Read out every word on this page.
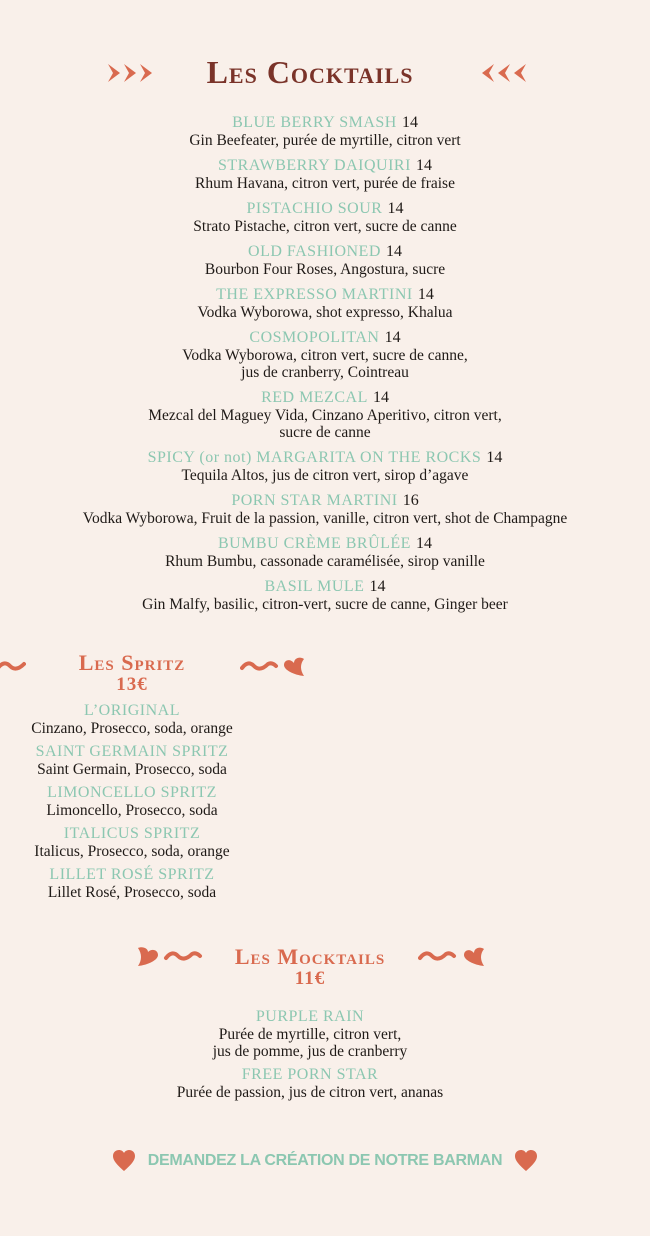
Les Cocktails
BLUE BERRY SMASH 14
Gin Beefeater, purée de myrtille, citron vert
STRAWBERRY DAIQUIRI 14
Rhum Havana, citron vert, purée de fraise
PISTACHIO SOUR 14
Strato Pistache, citron vert, sucre de canne
OLD FASHIONED 14
Bourbon Four Roses, Angostura, sucre
THE EXPRESSO MARTINI 14
Vodka Wyborowa, shot expresso, Khalua
COSMOPOLITAN 14
Vodka Wyborowa, citron vert, sucre de canne,
jus de cranberry, Cointreau
RED MEZCAL 14
Mezcal del Maguey Vida, Cinzano Aperitivo, citron vert,
sucre de canne
SPICY (or not) MARGARITA ON THE ROCKS 14
Tequila Altos, jus de citron vert, sirop d’agave
PORN STAR MARTINI 16
Vodka Wyborowa, Fruit de la passion, vanille, citron vert, shot de Champagne
BUMBU CRÈME BRÛLÉE 14
Rhum Bumbu, cassonade caramélisée, sirop vanille
BASIL MULE 14
Gin Malfy, basilic, citron-vert, sucre de canne, Ginger beer
Les Spritz
13€
L’ORIGINAL
Cinzano, Prosecco, soda, orange
SAINT GERMAIN SPRITZ
Saint Germain, Prosecco, soda
LIMONCELLO SPRITZ
Limoncello, Prosecco, soda
ITALICUS SPRITZ
Italicus, Prosecco, soda, orange
LILLET ROSÉ SPRITZ
Lillet Rosé, Prosecco, soda
Les Mocktails
11€
PURPLE RAIN
Purée de myrtille, citron vert,
jus de pomme, jus de cranberry
FREE PORN STAR
Purée de passion, jus de citron vert, ananas
DEMANDEZ LA CRÉATION DE NOTRE BARMAN
